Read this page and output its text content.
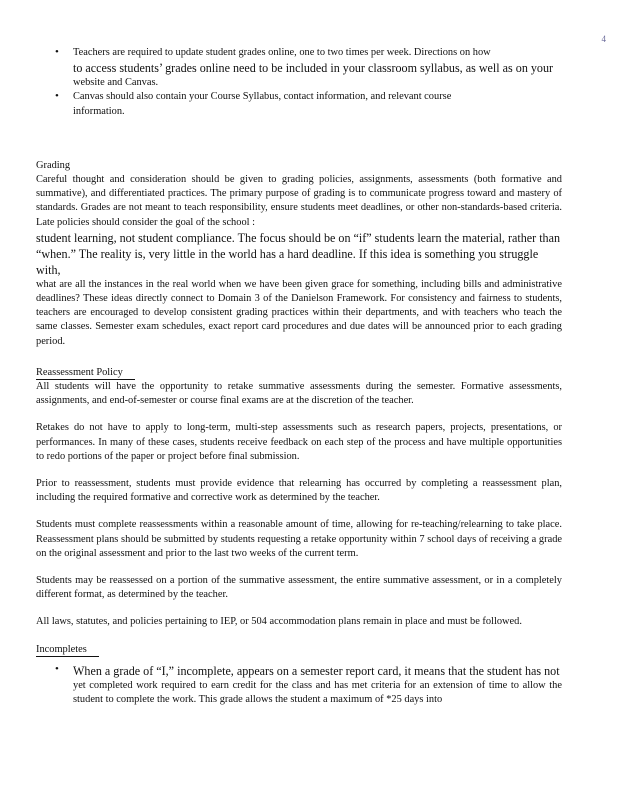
4
• Teachers are required to update student grades online, one to two times per week. Directions on how

to access students’ grades online need to be included in your classroom syllabus, as well as on your

website and Canvas.

• Canvas should also contain your Course Syllabus, contact information, and relevant course

information.

Grading

Careful thought and consideration should be given to grading policies, assignments, assessments (both formative and summative), and differentiated practices. The primary purpose of grading is to communicate progress toward and mastery of standards. Grades are not meant to teach responsibility, ensure students meet deadlines, or other non-standards-based criteria. Late policies should consider the goal of the school :

student learning, not student compliance. The focus should be on “if” students learn the material, rather than “when.” The reality is, very little in the world has a hard deadline. If this idea is something you struggle with,

what are all the instances in the real world when we have been given grace for something, including bills and administrative deadlines? These ideas directly connect to Domain 3 of the Danielson Framework. For consistency and fairness to students, teachers are encouraged to develop consistent grading practices within their departments, and with teachers who teach the same classes. Semester exam schedules, exact report card procedures and due dates will be announced prior to each grading period.

Reassessment Policy

All students will have the opportunity to retake summative assessments during the semester. Formative assessments, assignments, and end-of-semester or course final exams are at the discretion of the teacher.

Retakes do not have to apply to long-term, multi-step assessments such as research papers, projects, presentations, or performances. In many of these cases, students receive feedback on each step of the process and have multiple opportunities to redo portions of the paper or project before final submission.

Prior to reassessment, students must provide evidence that relearning has occurred by completing a reassessment plan, including the required formative and corrective work as determined by the teacher.

Students must complete reassessments within a reasonable amount of time, allowing for re-teaching/relearning to take place. Reassessment plans should be submitted by students requesting a retake opportunity within 7 school days of receiving a grade on the original assessment and prior to the last two weeks of the current term.

Students may be reassessed on a portion of the summative assessment, the entire summative assessment, or in a completely different format, as determined by the teacher.

All laws, statutes, and policies pertaining to IEP, or 504 accommodation plans remain in place and must be followed.

Incompletes
• When a grade of “I,” incomplete, appears on a semester report card, it means that the student has not

yet completed work required to earn credit for the class and has met criteria for an extension of time to allow the student to complete the work. This grade allows the student a maximum of *25 days into
